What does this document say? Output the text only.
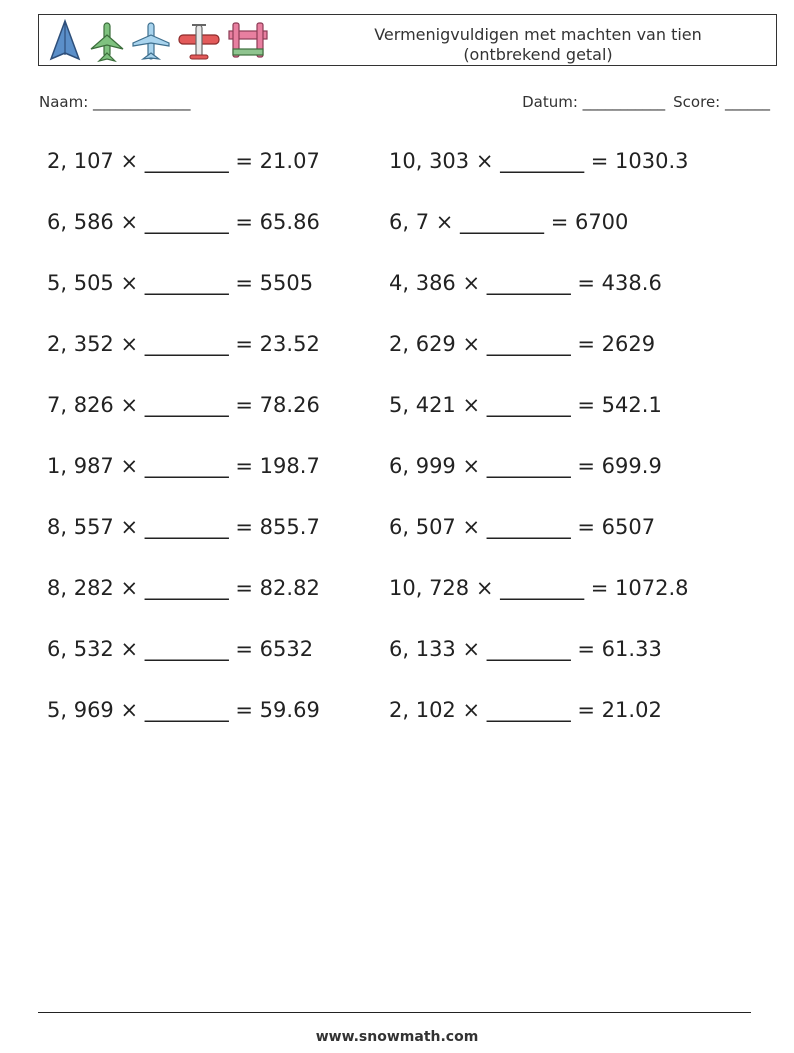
Vermenigvuldigen met machten van tien
(ontbrekend getal)
Naam: _____________	Datum: ___________ Score: ______
2, 107 × ________ = 21.07
6, 586 × ________ = 65.86
5, 505 × ________ = 5505
2, 352 × ________ = 23.52
7, 826 × ________ = 78.26
1, 987 × ________ = 198.7
8, 557 × ________ = 855.7
8, 282 × ________ = 82.82
6, 532 × ________ = 6532
5, 969 × ________ = 59.69
10, 303 × ________ = 1030.3
6, 7 × ________ = 6700
4, 386 × ________ = 438.6
2, 629 × ________ = 2629
5, 421 × ________ = 542.1
6, 999 × ________ = 699.9
6, 507 × ________ = 6507
10, 728 × ________ = 1072.8
6, 133 × ________ = 61.33
2, 102 × ________ = 21.02
www.snowmath.com
